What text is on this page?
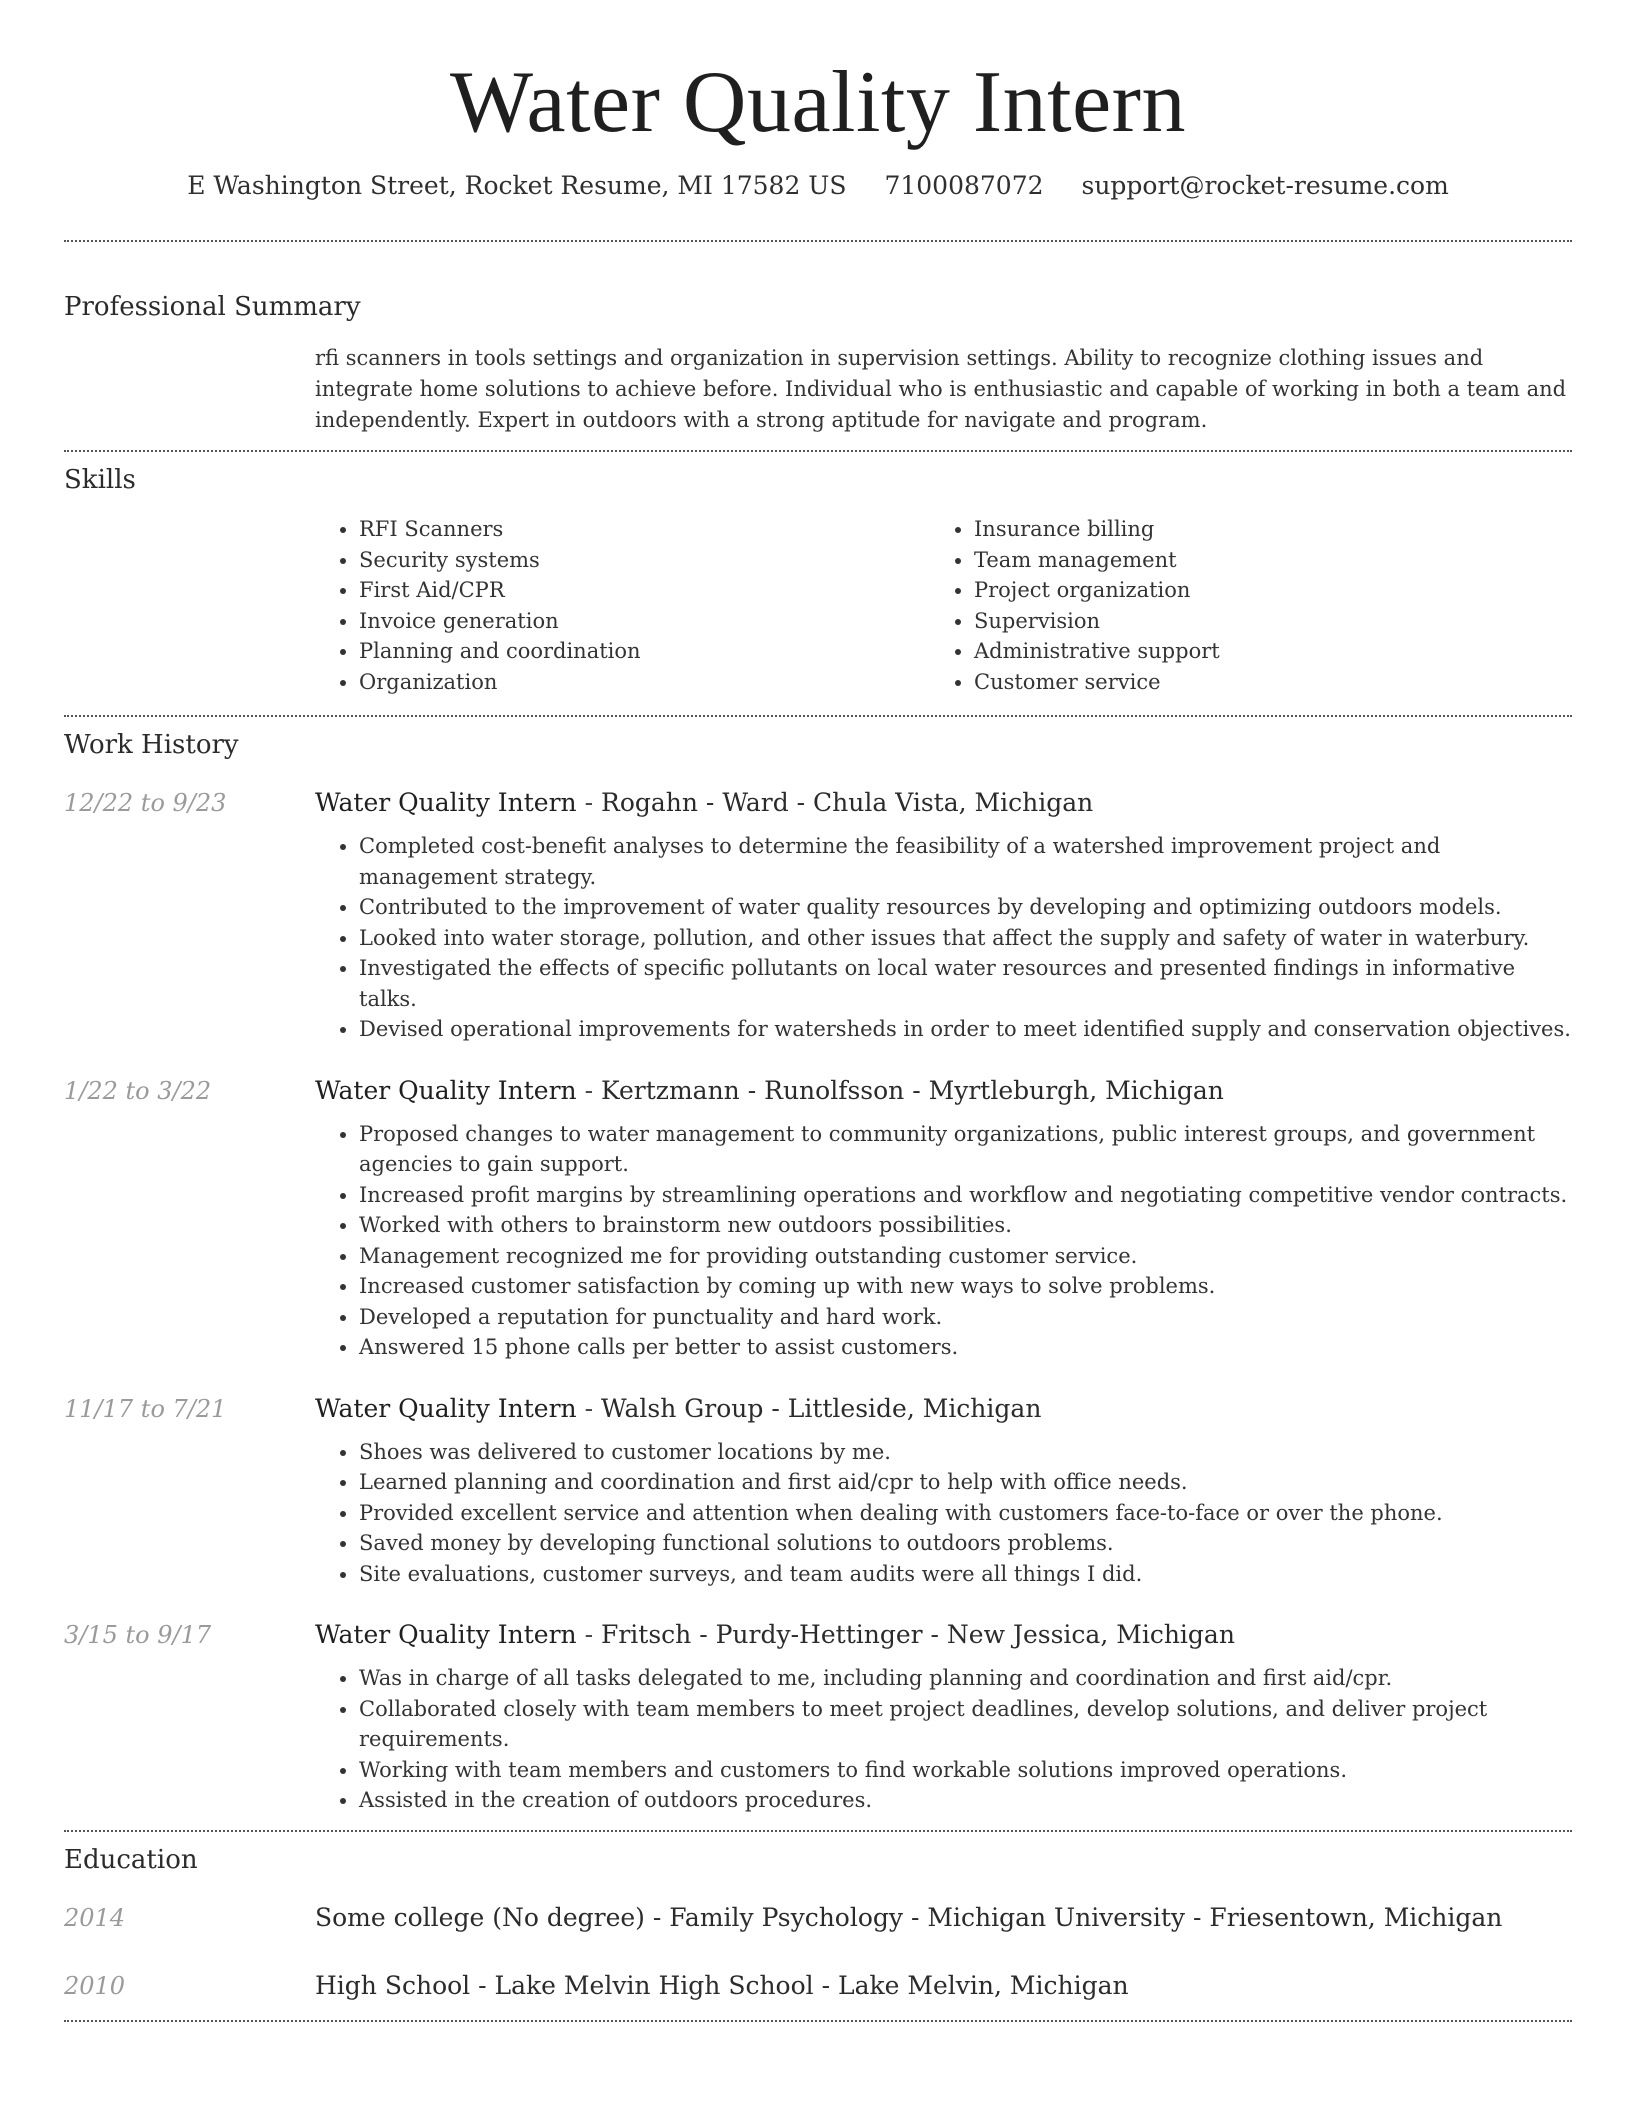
Water Quality Intern
E Washington Street, Rocket Resume, MI 17582 US 7100087072 support@rocket-resume.com
Professional Summary

rfi scanners in tools settings and organization in supervision settings. Ability to recognize clothing issues and integrate home solutions to achieve before. Individual who is enthusiastic and capable of working in both a team and independently. Expert in outdoors with a strong aptitude for navigate and program.

Skills
• RFI Scanners
• Security systems
• First Aid/CPR
• Invoice generation
• Planning and coordination
• Organization
• Insurance billing
• Team management
• Project organization
• Supervision
• Administrative support
• Customer service
Work History
12/22 to 9/23	Water Quality Intern - Rogahn - Ward - Chula Vista, Michigan
• Completed cost-benefit analyses to determine the feasibility of a watershed improvement project and management strategy.
• Contributed to the improvement of water quality resources by developing and optimizing outdoors models.
• Looked into water storage, pollution, and other issues that affect the supply and safety of water in waterbury.
• Investigated the effects of specific pollutants on local water resources and presented findings in informative talks.
• Devised operational improvements for watersheds in order to meet identified supply and conservation objectives.
1/22 to 3/22	Water Quality Intern - Kertzmann - Runolfsson - Myrtleburgh, Michigan
• Proposed changes to water management to community organizations, public interest groups, and government agencies to gain support.
• Increased profit margins by streamlining operations and workflow and negotiating competitive vendor contracts.
• Worked with others to brainstorm new outdoors possibilities.
• Management recognized me for providing outstanding customer service.
• Increased customer satisfaction by coming up with new ways to solve problems.
• Developed a reputation for punctuality and hard work.
• Answered 15 phone calls per better to assist customers.
11/17 to 7/21	Water Quality Intern - Walsh Group - Littleside, Michigan
• Shoes was delivered to customer locations by me.
• Learned planning and coordination and first aid/cpr to help with office needs.
• Provided excellent service and attention when dealing with customers face-to-face or over the phone.
• Saved money by developing functional solutions to outdoors problems.
• Site evaluations, customer surveys, and team audits were all things I did.
3/15 to 9/17	Water Quality Intern - Fritsch - Purdy-Hettinger - New Jessica, Michigan
• Was in charge of all tasks delegated to me, including planning and coordination and first aid/cpr.
• Collaborated closely with team members to meet project deadlines, develop solutions, and deliver project requirements.
• Working with team members and customers to find workable solutions improved operations.
• Assisted in the creation of outdoors procedures.
Education
2014	Some college (No degree) - Family Psychology - Michigan University - Friesentown, Michigan
2010	High School - Lake Melvin High School - Lake Melvin, Michigan
